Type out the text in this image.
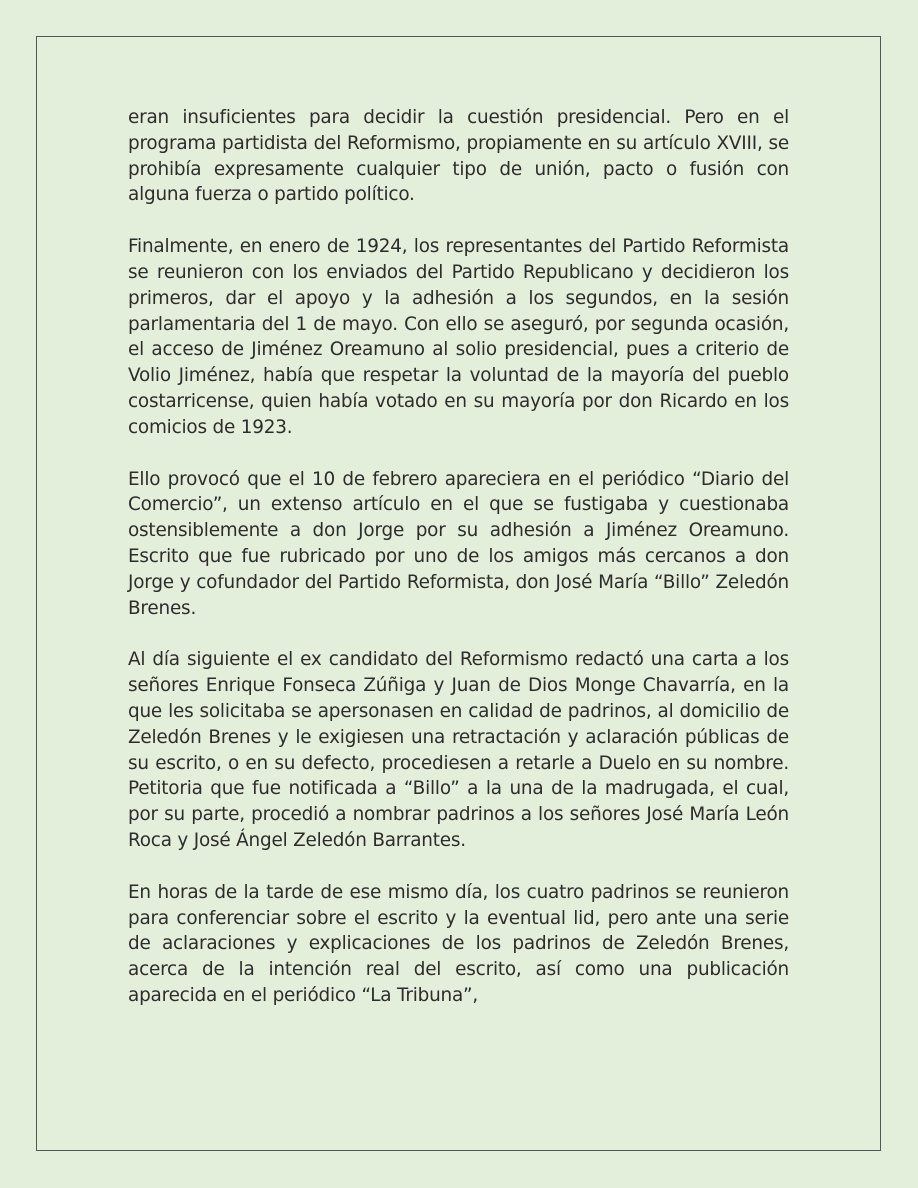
eran insuficientes para decidir la cuestión presidencial. Pero en el programa partidista del Reformismo, propiamente en su artículo XVIII, se prohibía expresamente cualquier tipo de unión, pacto o fusión con alguna fuerza o partido político.

Finalmente, en enero de 1924, los representantes del Partido Reformista se reunieron con los enviados del Partido Republicano y decidieron los primeros, dar el apoyo y la adhesión a los segundos, en la sesión parlamentaria del 1 de mayo. Con ello se aseguró, por segunda ocasión, el acceso de Jiménez Oreamuno al solio presidencial, pues a criterio de Volio Jiménez, había que respetar la voluntad de la mayoría del pueblo costarricense, quien había votado en su mayoría por don Ricardo en los comicios de 1923.

Ello provocó que el 10 de febrero apareciera en el periódico “Diario del Comercio”, un extenso artículo en el que se fustigaba y cuestionaba ostensiblemente a don Jorge por su adhesión a Jiménez Oreamuno. Escrito que fue rubricado por uno de los amigos más cercanos a don Jorge y cofundador del Partido Reformista, don José María “Billo” Zeledón Brenes.

Al día siguiente el ex candidato del Reformismo redactó una carta a los señores Enrique Fonseca Zúñiga y Juan de Dios Monge Chavarría, en la que les solicitaba se apersonasen en calidad de padrinos, al domicilio de Zeledón Brenes y le exigiesen una retractación y aclaración públicas de su escrito, o en su defecto, procediesen a retarle a Duelo en su nombre. Petitoria que fue notificada a “Billo” a la una de la madrugada, el cual, por su parte, procedió a nombrar padrinos a los señores José María León Roca y José Ángel Zeledón Barrantes.

En horas de la tarde de ese mismo día, los cuatro padrinos se reunieron para conferenciar sobre el escrito y la eventual lid, pero ante una serie de aclaraciones y explicaciones de los padrinos de Zeledón Brenes, acerca de la intención real del escrito, así como una publicación aparecida en el periódico “La Tribuna”,
